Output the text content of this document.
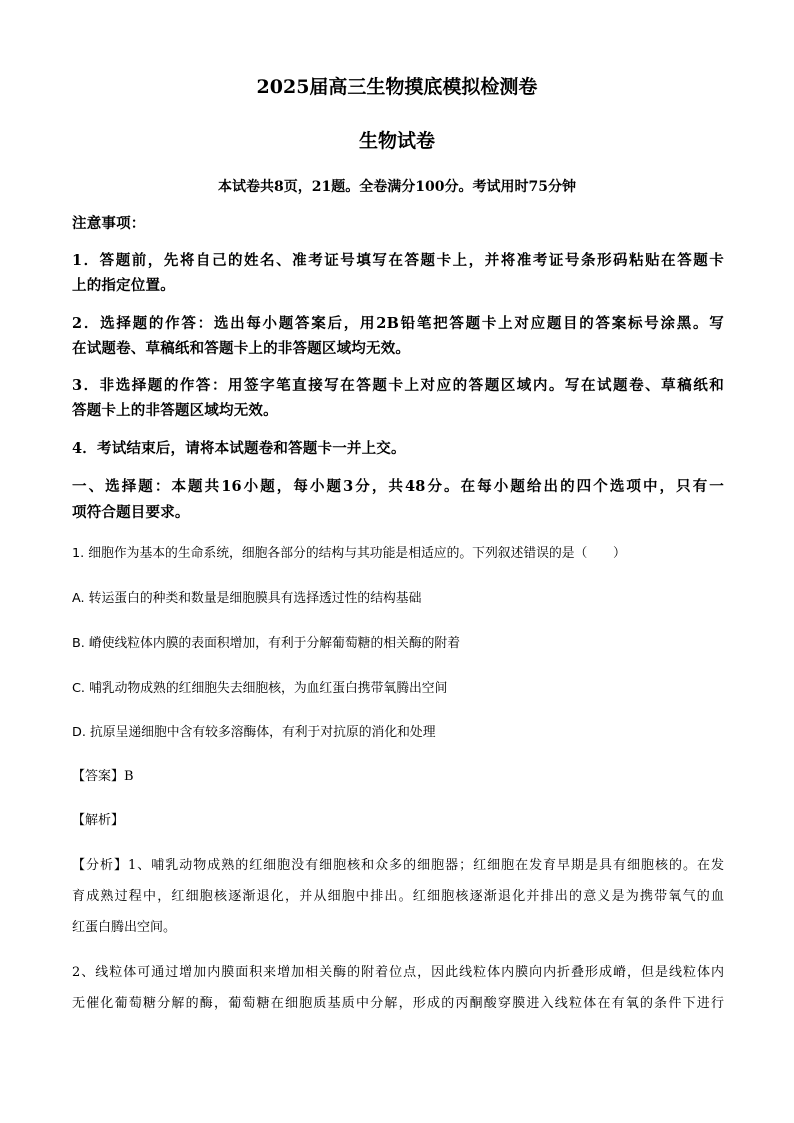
2025届高三生物摸底模拟检测卷
生物试卷
本试卷共8页，21题。全卷满分100分。考试用时75分钟
注意事项：
1．答题前，先将自己的姓名、准考证号填写在答题卡上，并将准考证号条形码粘贴在答题卡
上的指定位置。
2．选择题的作答：选出每小题答案后，用2B铅笔把答题卡上对应题目的答案标号涂黑。写
在试题卷、草稿纸和答题卡上的非答题区域均无效。
3．非选择题的作答：用签字笔直接写在答题卡上对应的答题区域内。写在试题卷、草稿纸和
答题卡上的非答题区域均无效。
4．考试结束后，请将本试题卷和答题卡一并上交。
一、选择题：本题共16小题，每小题3分，共48分。在每小题给出的四个选项中，只有一
项符合题目要求。
1. 细胞作为基本的生命系统，细胞各部分的结构与其功能是相适应的。下列叙述错误的是（　　）
A. 转运蛋白的种类和数量是细胞膜具有选择透过性的结构基础
B. 嵴使线粒体内膜的表面积增加，有利于分解葡萄糖的相关酶的附着
C. 哺乳动物成熟的红细胞失去细胞核，为血红蛋白携带氧腾出空间
D. 抗原呈递细胞中含有较多溶酶体，有利于对抗原的消化和处理
【答案】B
【解析】
【分析】1、哺乳动物成熟的红细胞没有细胞核和众多的细胞器；红细胞在发育早期是具有细胞核的。在发
育成熟过程中，红细胞核逐渐退化，并从细胞中排出。红细胞核逐渐退化并排出的意义是为携带氧气的血
红蛋白腾出空间。
2、线粒体可通过增加内膜面积来增加相关酶的附着位点，因此线粒体内膜向内折叠形成嵴，但是线粒体内
无催化葡萄糖分解的酶，葡萄糖在细胞质基质中分解，形成的丙酮酸穿膜进入线粒体在有氧的条件下进行
